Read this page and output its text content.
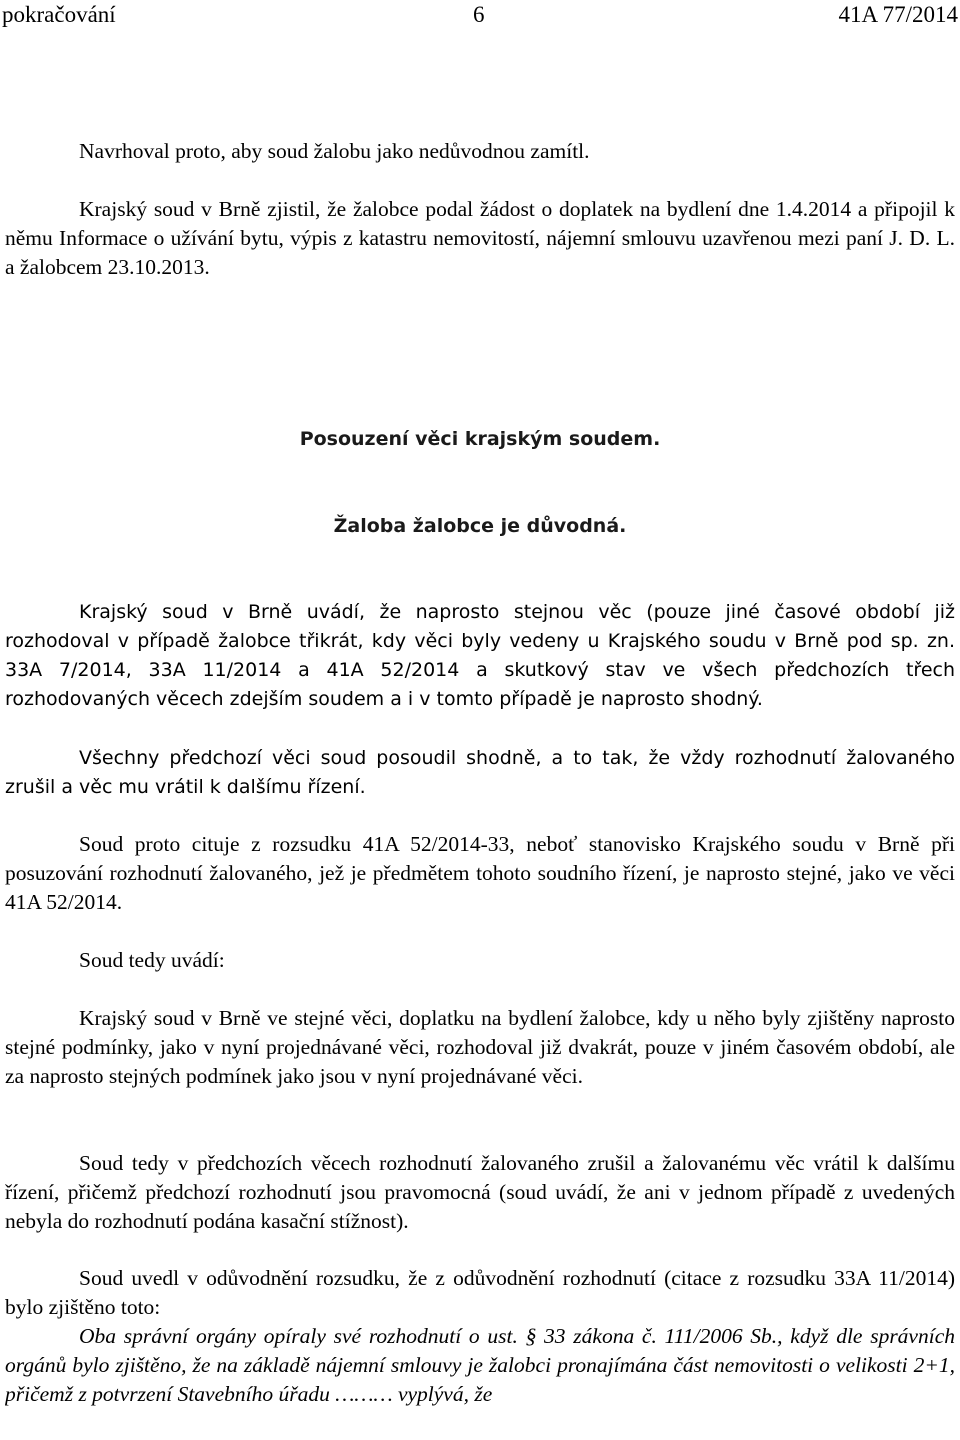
pokračování	6	41A 77/2014

Navrhoval proto, aby soud žalobu jako nedůvodnou zamítl.

Krajský soud v Brně zjistil, že žalobce podal žádost o doplatek na bydlení dne 1.4.2014 a připojil k němu Informace o užívání bytu, výpis z katastru nemovitostí, nájemní smlouvu uzavřenou mezi paní J. D. L. a žalobcem 23.10.2013.

Posouzení věci krajským soudem.
Žaloba žalobce je důvodná.

Krajský soud v Brně uvádí, že naprosto stejnou věc (pouze jiné časové období již rozhodoval v případě žalobce třikrát, kdy věci byly vedeny u Krajského soudu v Brně pod sp. zn. 33A 7/2014, 33A 11/2014 a 41A 52/2014 a skutkový stav ve všech předchozích třech rozhodovaných věcech zdejším soudem a i v tomto případě je naprosto shodný.

Všechny předchozí věci soud posoudil shodně, a to tak, že vždy rozhodnutí žalovaného zrušil a věc mu vrátil k dalšímu řízení.

Soud proto cituje z rozsudku 41A 52/2014-33, neboť stanovisko Krajského soudu v Brně při posuzování rozhodnutí žalovaného, jež je předmětem tohoto soudního řízení, je naprosto stejné, jako ve věci 41A 52/2014.

Soud tedy uvádí:

Krajský soud v Brně ve stejné věci, doplatku na bydlení žalobce, kdy u něho byly zjištěny naprosto stejné podmínky, jako v nyní projednávané věci, rozhodoval již dvakrát, pouze v jiném časovém období, ale za naprosto stejných podmínek jako jsou v nyní projednávané věci.

Soud tedy v předchozích věcech rozhodnutí žalovaného zrušil a žalovanému věc vrátil k dalšímu řízení, přičemž předchozí rozhodnutí jsou pravomocná (soud uvádí, že ani v jednom případě z uvedených nebyla do rozhodnutí podána kasační stížnost).

Soud uvedl v odůvodnění rozsudku, že z odůvodnění rozhodnutí (citace z rozsudku 33A 11/2014) bylo zjištěno toto:

Oba správní orgány opíraly své rozhodnutí o ust. § 33 zákona č. 111/2006 Sb., když dle správních orgánů bylo zjištěno, že na základě nájemní smlouvy je žalobci pronajímána část nemovitosti o velikosti 2+1, přičemž z potvrzení Stavebního úřadu ……… vyplývá, že
